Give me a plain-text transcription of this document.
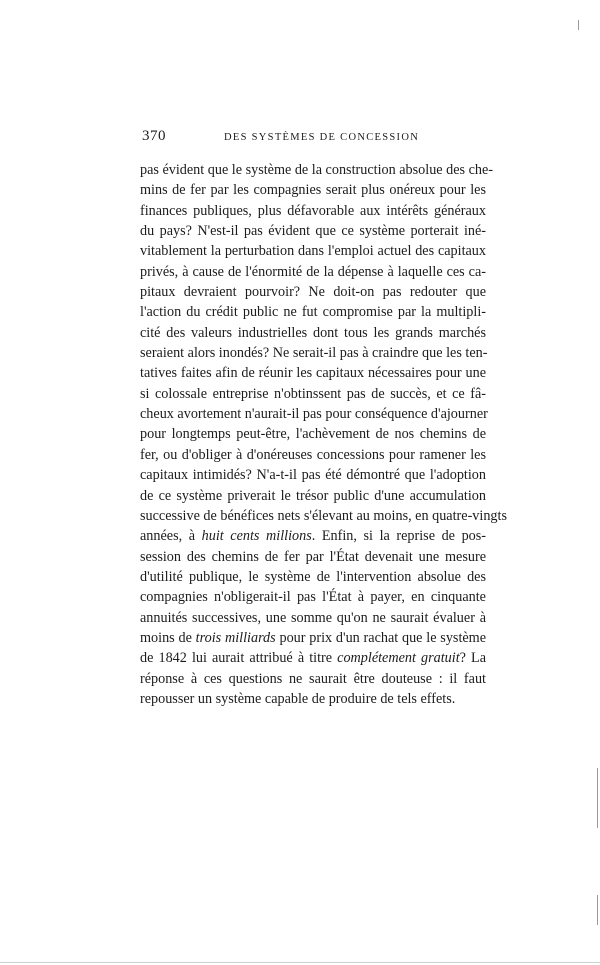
370	DES SYSTÈMES DE CONCESSION
pas évident que le système de la construction absolue des che-
mins de fer par les compagnies serait plus onéreux pour les
finances publiques, plus défavorable aux intérêts généraux
du pays? N'est-il pas évident que ce système porterait iné-
vitablement la perturbation dans l'emploi actuel des capitaux
privés, à cause de l'énormité de la dépense à laquelle ces ca-
pitaux devraient pourvoir? Ne doit-on pas redouter que
l'action du crédit public ne fut compromise par la multipli-
cité des valeurs industrielles dont tous les grands marchés
seraient alors inondés? Ne serait-il pas à craindre que les ten-
tatives faites afin de réunir les capitaux nécessaires pour une
si colossale entreprise n'obtinssent pas de succès, et ce fâ-
cheux avortement n'aurait-il pas pour conséquence d'ajourner
pour longtemps peut-être, l'achèvement de nos chemins de
fer, ou d'obliger à d'onéreuses concessions pour ramener les
capitaux intimidés? N'a-t-il pas été démontré que l'adoption
de ce système priverait le trésor public d'une accumulation
successive de bénéfices nets s'élevant au moins, en quatre-vingts
années, à huit cents millions. Enfin, si la reprise de pos-
session des chemins de fer par l'État devenait une mesure
d'utilité publique, le système de l'intervention absolue des
compagnies n'obligerait-il pas l'État à payer, en cinquante
annuités successives, une somme qu'on ne saurait évaluer à
moins de trois milliards pour prix d'un rachat que le système
de 1842 lui aurait attribué à titre complétement gratuit? La
réponse à ces questions ne saurait être douteuse : il faut
repousser un système capable de produire de tels effets.
